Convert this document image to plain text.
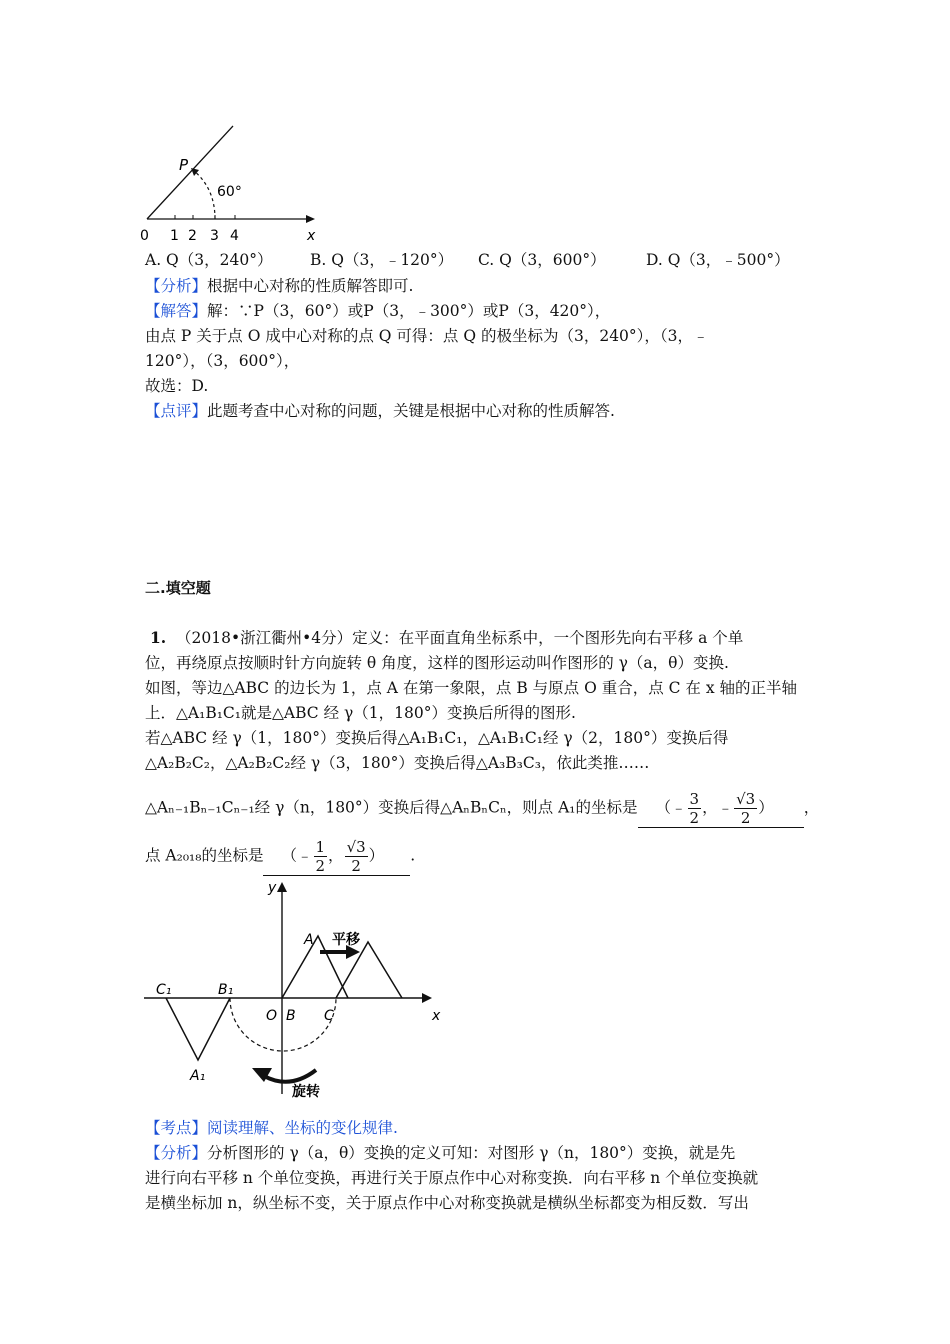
P
60°
0 1 2 3 4	x
A. Q（3，240°） B. Q（3，﹣120°） C. Q（3，600°）	D. Q（3，﹣500°）
【分析】根据中心对称的性质解答即可.
【解答】解：∵P（3，60°）或P（3，﹣300°）或P（3，420°），
由点 P 关于点 O 成中心对称的点 Q 可得：点 Q 的极坐标为（3，240°），（3，﹣
120°），（3，600°），
故选：D.
【点评】此题考查中心对称的问题，关键是根据中心对称的性质解答.
二.填空题
1. （2018•浙江衢州•4分）定义：在平面直角坐标系中，一个图形先向右平移 a 个单
位，再绕原点按顺时针方向旋转 θ 角度，这样的图形运动叫作图形的 γ（a，θ）变换.
如图，等边△ABC 的边长为 1，点 A 在第一象限，点 B 与原点 O 重合，点 C 在 x 轴的正半轴
上．△A₁B₁C₁就是△ABC 经 γ（1，180°）变换后所得的图形.
若△ABC 经 γ（1，180°）变换后得△A₁B₁C₁，△A₁B₁C₁经 γ（2，180°）变换后得
△A₂B₂C₂，△A₂B₂C₂经 γ（3，180°）变换后得△A₃B₃C₃，依此类推……
△Aₙ₋₁Bₙ₋₁Cₙ₋₁经 γ（n，180°）变换后得△AₙBₙCₙ，则点 A₁的坐标是 （﹣ $\frac{3}{2}$ ，﹣ $\frac{√3}{2}$ ） ，
点 A₂₀₁₈的坐标是 （﹣ $\frac{1}{2}$ ， $\frac{√3}{2}$ ） .
y
x
O B C
A
B₁
C₁
A₁
平移
旋转
【考点】阅读理解、坐标的变化规律.
【分析】分析图形的 γ（a，θ）变换的定义可知：对图形 γ（n，180°）变换，就是先
进行向右平移 n 个单位变换，再进行关于原点作中心对称变换．向右平移 n 个单位变换就
是横坐标加 n，纵坐标不变，关于原点作中心对称变换就是横纵坐标都变为相反数．写出
